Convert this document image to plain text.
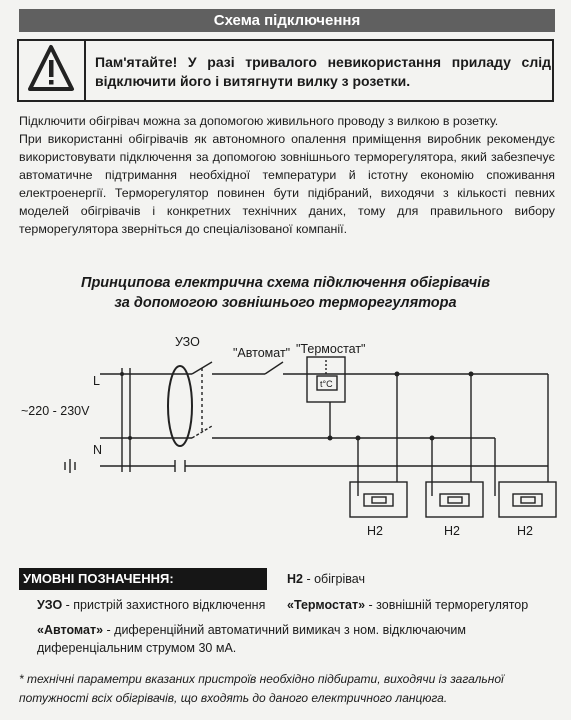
Схема підключення
Пам'ятайте! У разі тривалого невикористання приладу слід відключити його і витягнути вилку з розетки.

Підключити обігрівач можна за допомогою живильного проводу з вилкою в розетку.

При використанні обігрівачів як автономного опалення приміщення виробник рекомендує використовувати підключення за допомогою зовнішнього терморегулятора, який забезпечує автоматичне підтримання необхідної температури й істотну економію споживання електроенергії. Терморегулятор повинен бути підібраний, виходячи з кількості певних моделей обігрівачів і конкретних технічних даних, тому для правильного вибору терморегулятора зверніться до спеціалізованої компанії.

Принципова електрична схема підключення обігрівачів
за допомогою зовнішнього терморегулятора
УЗО
"Автомат" "Термостат"
t°C
L
N
~220 - 230V
H2	H2	H2
УМОВНІ ПОЗНАЧЕННЯ:	H2 - обігрівач
УЗО - пристрій захистного відключення «Термостат» - зовнішній терморегулятор
«Автомат» - диференційний автоматичний вимикач з ном. відключаючим диференціальним струмом 30 мА.
* технічні параметри вказаних пристроїв необхідно підбирати, виходячи із загальної потужності всіх обігрівачів, що входять до даного електричного ланцюга.
